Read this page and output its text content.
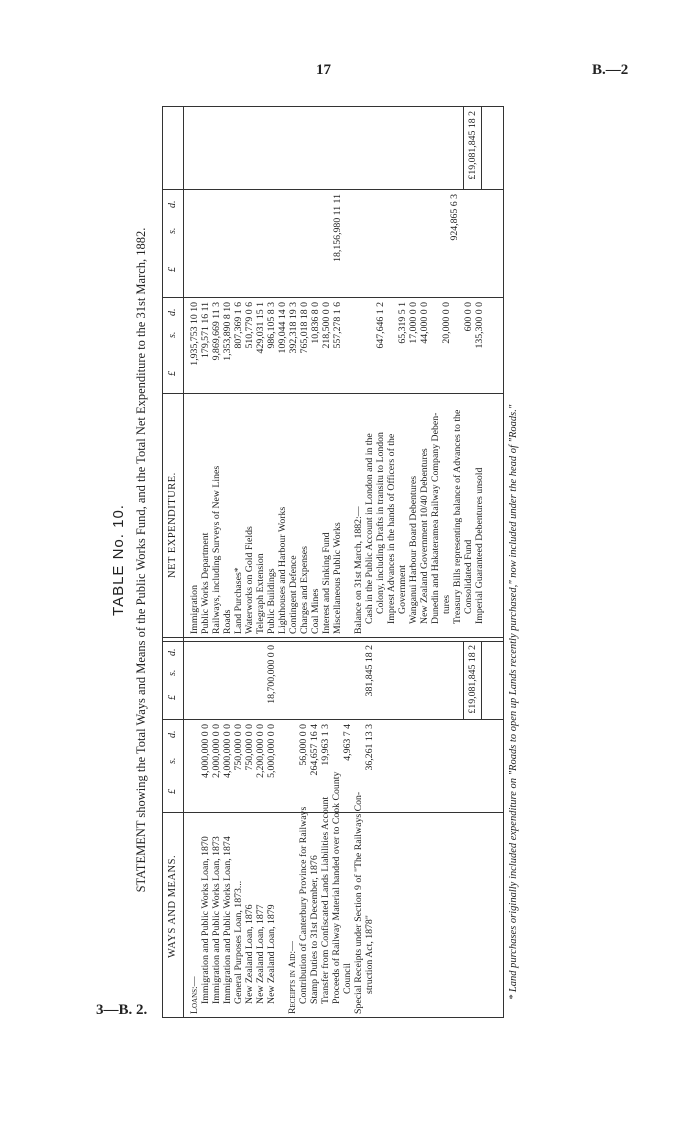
17	B.—2
3—B. 2.
TABLE No. 10. STATEMENT showing the Total Ways and Means of the Public Works Fund, and the Total Net Expenditure to the 31st March, 1882.
WAYS AND MEANS.
£
s.
d.
£
s.
d.
NET EXPENDITURE.
£
s.
d.
£
s.
d.
Loans:— Immigration and Public Works Loan, 1870
4,000,000 0 0
Immigration and Public Works Loan, 1873
2,000,000 0 0
Immigration and Public Works Loan, 1874
4,000,000 0 0
General Purposes Loan, 1873...
750,000 0 0
New Zealand Loan, 1876
750,000 0 0
New Zealand Loan, 1877
2,200,000 0 0
New Zealand Loan, 1879
5,000,000 0 0
18,700,000 0 0
Receipts in Aid:— Contribution of Canterbury Province for Railways
56,000 0 0
Stamp Duties to 31st December, 1876
264,657 16 4
Transfer from Confiscated Lands Liabilities Account
19,963 1 3
Proceeds of Railway Material handed over to Cook County Council
4,963 7 4
Special Receipts under Section 9 of "The Railways Con- struction Act, 1878"
36,261 13 3
381,845 18 2	£19,081,845 18 2
Immigration
1,935,753 10 10
Public Works Department
179,571 16 11
Railways, including Surveys of New Lines
9,869,669 11 3
Roads
1,353,890 8 10
Land Purchases*
807,369 1 6
Waterworks on Gold Fields
510,779 0 6
Telegraph Extension
429,031 15 1
Public Buildings
986,105 8 3
Lighthouses and Harbour Works
109,044 14 0
Contingent Defence
392,318 19 3
Charges and Expenses
765,018 18 0
Coal Mines
10,836 8 0
Interest and Sinking Fund
218,500 0 0
Miscellaneous Public Works
557,278 1 6
18,156,980 11 11
Balance on 31st March, 1882:— Cash in the Public Account in London and in the Colony, including Drafts in transitu to London
647,646 1 2
Imprest Advances in the hands of Officers of the Government
65,319 5 1
Wanganui Harbour Board Debentures
17,000 0 0
New Zealand Government 10/40 Debentures
44,000 0 0
Dunedin and Hakateramea Railway Company Deben- tures
20,000 0 0
Treasury Bills representing balance of Advances to the Consolidated Fund
600 0 0
Imperial Guaranteed Debentures unsold
135,300 0 0
924,865 6 3
£19,081,845 18 2
* Land purchases originally included expenditure on "Roads to open up Lands recently purchased," now included under the head of "Roads."
